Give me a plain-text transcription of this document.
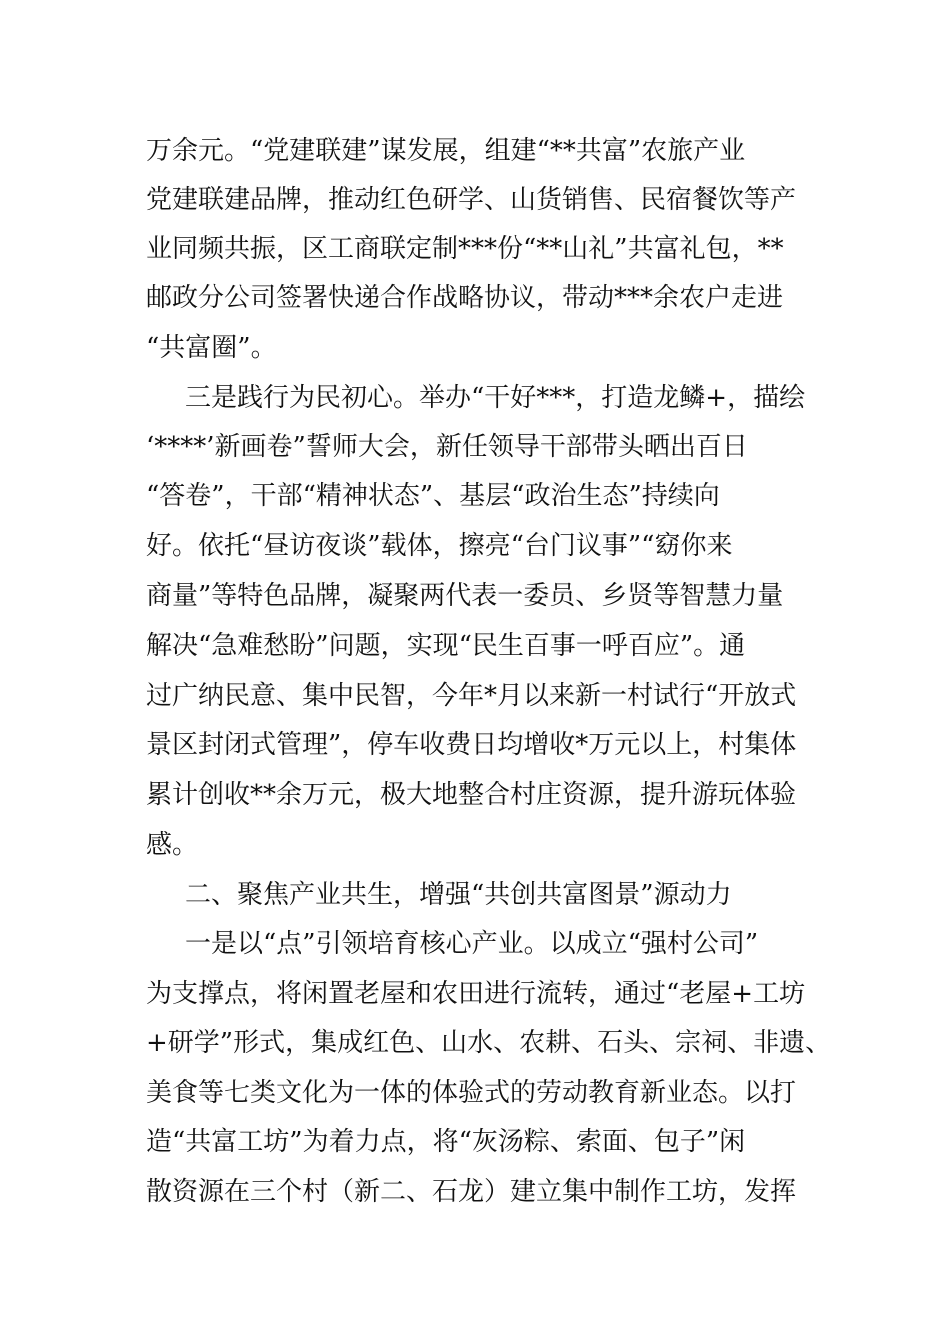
万余元。“党建联建”谋发展，组建“**共富”农旅产业
党建联建品牌，推动红色研学、山货销售、民宿餐饮等产
业同频共振，区工商联定制***份“**山礼”共富礼包，**
邮政分公司签署快递合作战略协议，带动***余农户走进
“共富圈”。
三是践行为民初心。举办“干好***，打造龙鳞+，描绘
‘****’新画卷”誓师大会，新任领导干部带头晒出百日
“答卷”，干部“精神状态”、基层“政治生态”持续向
好。依托“昼访夜谈”载体，擦亮“台门议事”“窈你来
商量”等特色品牌，凝聚两代表一委员、乡贤等智慧力量
解决“急难愁盼”问题，实现“民生百事一呼百应”。通
过广纳民意、集中民智，今年*月以来新一村试行“开放式
景区封闭式管理”，停车收费日均增收*万元以上，村集体
累计创收**余万元，极大地整合村庄资源，提升游玩体验
感。
二、聚焦产业共生，增强“共创共富图景”源动力
一是以“点”引领培育核心产业。以成立“强村公司”
为支撑点，将闲置老屋和农田进行流转，通过“老屋+工坊
+研学”形式，集成红色、山水、农耕、石头、宗祠、非遗、
美食等七类文化为一体的体验式的劳动教育新业态。以打
造“共富工坊”为着力点，将“灰汤粽、索面、包子”闲
散资源在三个村（新二、石龙）建立集中制作工坊，发挥
